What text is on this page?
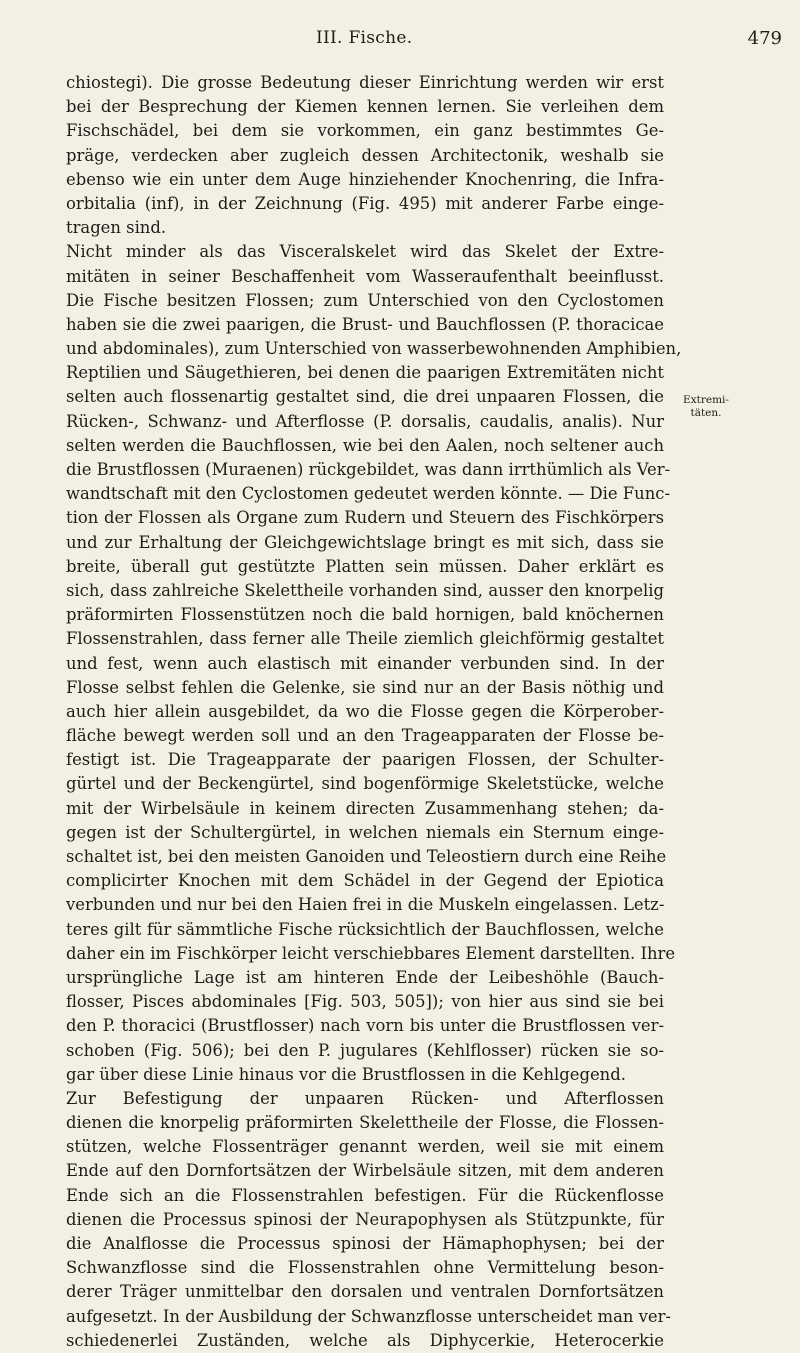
III. Fische.	479
Extremi-
täten.
chiostegi). Die grosse Bedeutung dieser Einrichtung werden wir erst
bei der Besprechung der Kiemen kennen lernen. Sie verleihen dem
Fischschädel, bei dem sie vorkommen, ein ganz bestimmtes Ge-
präge, verdecken aber zugleich dessen Architectonik, weshalb sie
ebenso wie ein unter dem Auge hinziehender Knochenring, die Infra-
orbitalia (inf), in der Zeichnung (Fig. 495) mit anderer Farbe einge-
tragen sind.
Nicht minder als das Visceralskelet wird das Skelet der Extre-
mitäten in seiner Beschaffenheit vom Wasseraufenthalt beeinflusst.
Die Fische besitzen Flossen; zum Unterschied von den Cyclostomen
haben sie die zwei paarigen, die Brust- und Bauchflossen (P. thoracicae
und abdominales), zum Unterschied von wasserbewohnenden Amphibien,
Reptilien und Säugethieren, bei denen die paarigen Extremitäten nicht
selten auch flossenartig gestaltet sind, die drei unpaaren Flossen, die
Rücken-, Schwanz- und Afterflosse (P. dorsalis, caudalis, analis). Nur
selten werden die Bauchflossen, wie bei den Aalen, noch seltener auch
die Brustflossen (Muraenen) rückgebildet, was dann irrthümlich als Ver-
wandtschaft mit den Cyclostomen gedeutet werden könnte. — Die Func-
tion der Flossen als Organe zum Rudern und Steuern des Fischkörpers
und zur Erhaltung der Gleichgewichtslage bringt es mit sich, dass sie
breite, überall gut gestützte Platten sein müssen. Daher erklärt es
sich, dass zahlreiche Skelettheile vorhanden sind, ausser den knorpelig
präformirten Flossenstützen noch die bald hornigen, bald knöchernen
Flossenstrahlen, dass ferner alle Theile ziemlich gleichförmig gestaltet
und fest, wenn auch elastisch mit einander verbunden sind. In der
Flosse selbst fehlen die Gelenke, sie sind nur an der Basis nöthig und
auch hier allein ausgebildet, da wo die Flosse gegen die Körperober-
fläche bewegt werden soll und an den Trageapparaten der Flosse be-
festigt ist. Die Trageapparate der paarigen Flossen, der Schulter-
gürtel und der Beckengürtel, sind bogenförmige Skeletstücke, welche
mit der Wirbelsäule in keinem directen Zusammenhang stehen; da-
gegen ist der Schultergürtel, in welchen niemals ein Sternum einge-
schaltet ist, bei den meisten Ganoiden und Teleostiern durch eine Reihe
complicirter Knochen mit dem Schädel in der Gegend der Epiotica
verbunden und nur bei den Haien frei in die Muskeln eingelassen. Letz-
teres gilt für sämmtliche Fische rücksichtlich der Bauchflossen, welche
daher ein im Fischkörper leicht verschiebbares Element darstellten. Ihre
ursprüngliche Lage ist am hinteren Ende der Leibeshöhle (Bauch-
flosser, Pisces abdominales [Fig. 503, 505]); von hier aus sind sie bei
den P. thoracici (Brustflosser) nach vorn bis unter die Brustflossen ver-
schoben (Fig. 506); bei den P. jugulares (Kehlflosser) rücken sie so-
gar über diese Linie hinaus vor die Brustflossen in die Kehlgegend.
Zur Befestigung der unpaaren Rücken- und Afterflossen
dienen die knorpelig präformirten Skelettheile der Flosse, die Flossen-
stützen, welche Flossenträger genannt werden, weil sie mit einem
Ende auf den Dornfortsätzen der Wirbelsäule sitzen, mit dem anderen
Ende sich an die Flossenstrahlen befestigen. Für die Rückenflosse
dienen die Processus spinosi der Neurapophysen als Stützpunkte, für
die Analflosse die Processus spinosi der Hämaphophysen; bei der
Schwanzflosse sind die Flossenstrahlen ohne Vermittelung beson-
derer Träger unmittelbar den dorsalen und ventralen Dornfortsätzen
aufgesetzt. In der Ausbildung der Schwanzflosse unterscheidet man ver-
schiedenerlei Zuständen, welche als Diphycerkie, Heterocerkie
